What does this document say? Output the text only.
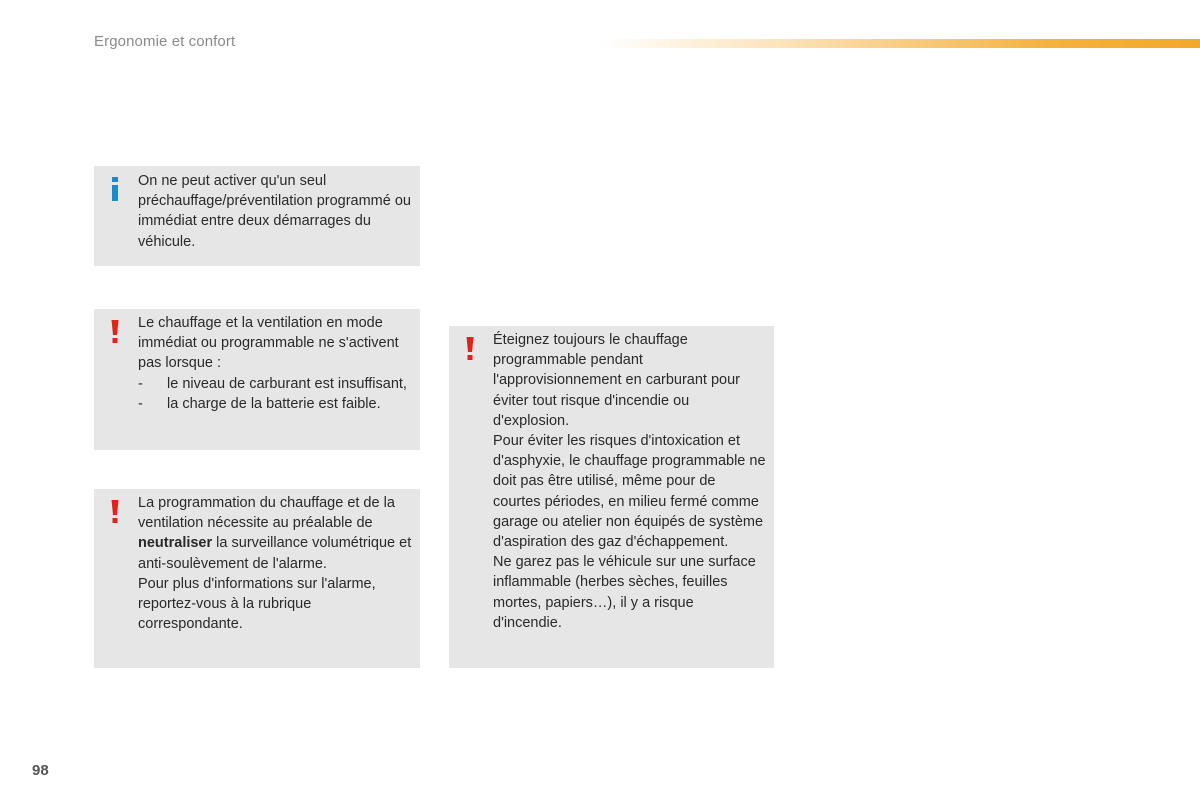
Ergonomie et confort

On ne peut activer qu'un seul préchauffage/préventilation programmé ou immédiat entre deux démarrages du véhicule.

Le chauffage et la ventilation en mode immédiat ou programmable ne s'activent pas lorsque :

- le niveau de carburant est insuffisant,
- la charge de la batterie est faible.

La programmation du chauffage et de la ventilation nécessite au préalable de neutraliser la surveillance volumétrique et anti-soulèvement de l'alarme.

Pour plus d'informations sur l'alarme, reportez-vous à la rubrique correspondante.

Éteignez toujours le chauffage programmable pendant l'approvisionnement en carburant pour éviter tout risque d'incendie ou d'explosion.

Pour éviter les risques d'intoxication et d'asphyxie, le chauffage programmable ne doit pas être utilisé, même pour de courtes périodes, en milieu fermé comme garage ou atelier non équipés de système d'aspiration des gaz d'échappement.

Ne garez pas le véhicule sur une surface inflammable (herbes sèches, feuilles mortes, papiers…), il y a risque d'incendie.

98
